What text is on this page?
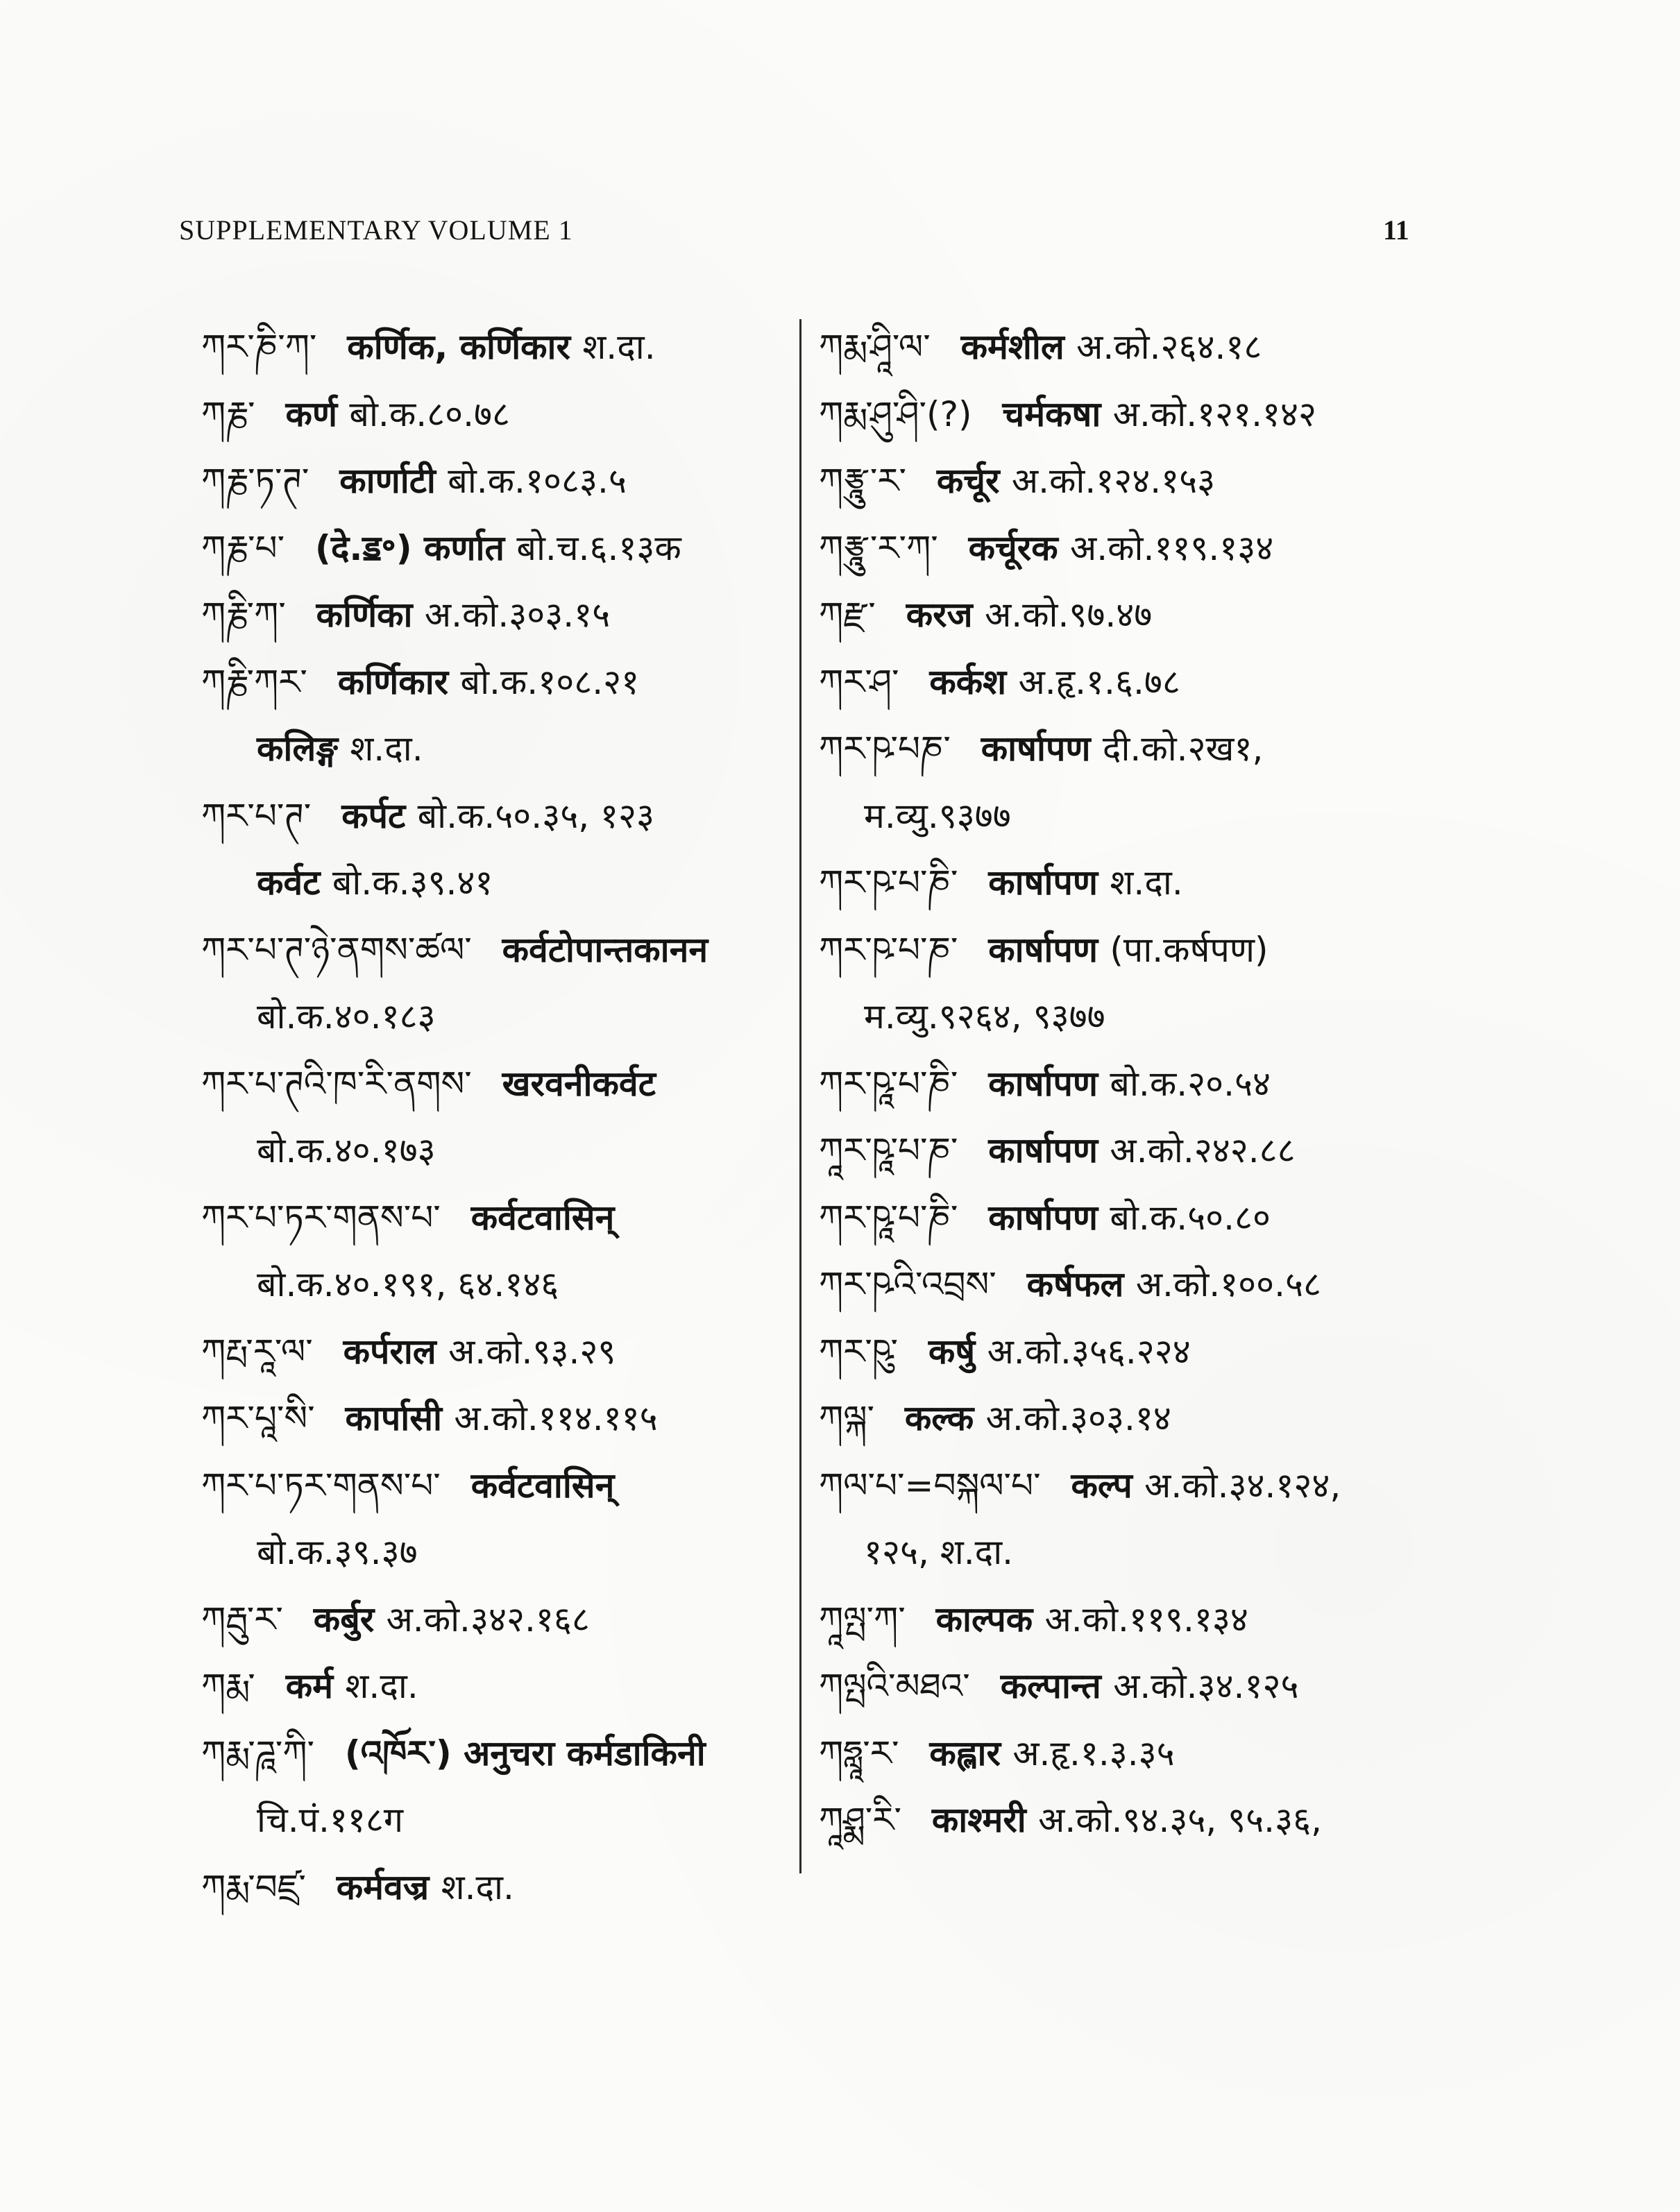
SUPPLEMENTARY VOLUME 1	11
ཀར་ཎི་ཀ་ कर्णिक, कर्णिकार श.दा.
ཀརྞ་ कर्ण बो.क.८०.७८
ཀརྞ་ཏ་ཊ་ कार्णाटी बो.क.१०८३.५
ཀརྞ་པ་ (दे.ॾ॰) कर्णात बो.च.६.१३क
ཀརྞི་ཀ་ कर्णिका अ.को.३०३.१५
ཀརྞི་ཀར་ कर्णिकार बो.क.१०८.२१
कलिङ्ग श.दा.
ཀར་པ་ཊ་ कर्पट बो.क.५०.३५, १२३
कर्वट बो.क.३९.४१
ཀར་པ་ཊ་ཉེ་ནགས་ཚལ་ कर्वटोपान्तकानन
बो.क.४०.१८३
ཀར་པ་ཊའི་ཁ་རི་ནགས་ खरवनीकर्वट
बो.क.४०.१७३
ཀར་པ་ཏར་གནས་པ་ कर्वटवासिन्
बो.क.४०.१९१, ६४.१४६
ཀརྤ་རཱ་ལ་ कर्पराल अ.को.९३.२९
ཀར་པཱ་སི་ कार्पासी अ.को.११४.११५
ཀར་པ་ཏར་གནས་པ་ कर्वटवासिन्
बो.क.३९.३७
ཀརྦུ་ར་ कर्बुर अ.को.३४२.१६८
ཀརྨ་ कर्म श.दा.
ཀརྨ་ཌཱ་ཀི་ (འཁོར་) अनुचरा कर्मडाकिनी
चि.पं.११८ग
ཀརྨ་བཛྲ་ कर्मवज्र श.दा.
ཀརྨ་ཤཱི་ལ་ कर्मशील अ.को.२६४.१८
ཀརྨ་ཤུ་ཤི་(?) चर्मकषा अ.को.१२१.१४२
ཀརྩཱུ་ར་ कर्चूर अ.को.१२४.१५३
ཀརྩཱུ་ར་ཀ་ कर्चूरक अ.को.११९.१३४
ཀརྫ་ करज अ.को.९७.४७
ཀར་ཤ་ कर्कश अ.हृ.१.६.७८
ཀར་ཥ་པཎ་ कार्षापण दी.को.२ख१,
म.व्यु.९३७७
ཀར་ཥ་པ་ཎི་ कार्षापण श.दा.
ཀར་ཥ་པ་ཎ་ कार्षापण (पा.कर्षपण)
म.व्यु.९२६४, ९३७७
ཀར་ཥཱ་པ་ཎི་ कार्षापण बो.क.२०.५४
ཀཱར་ཥཱ་པ་ཎ་ कार्षापण अ.को.२४२.८८
ཀར་ཥཱ་པ་ཎི་ कार्षापण बो.क.५०.८०
ཀར་ཥའི་འབྲས་ कर्षफल अ.को.१००.५८
ཀར་ཥུ་ कर्षु अ.को.३५६.२२४
ཀལྐ་ कल्क अ.को.३०३.१४
ཀལ་པ་=བསྐལ་པ་ कल्प अ.को.३४.१२४,
१२५, श.दा.
ཀཱལྤ་ཀ་ काल्पक अ.को.११९.१३४
ཀལྤའི་མཐའ་ कल्पान्त अ.को.३४.१२५
ཀཧླཱ་ར་ कह्लार अ.हृ.१.३.३५
ཀཱཤྨ་རི་ काश्मरी अ.को.९४.३५, ९५.३६,
